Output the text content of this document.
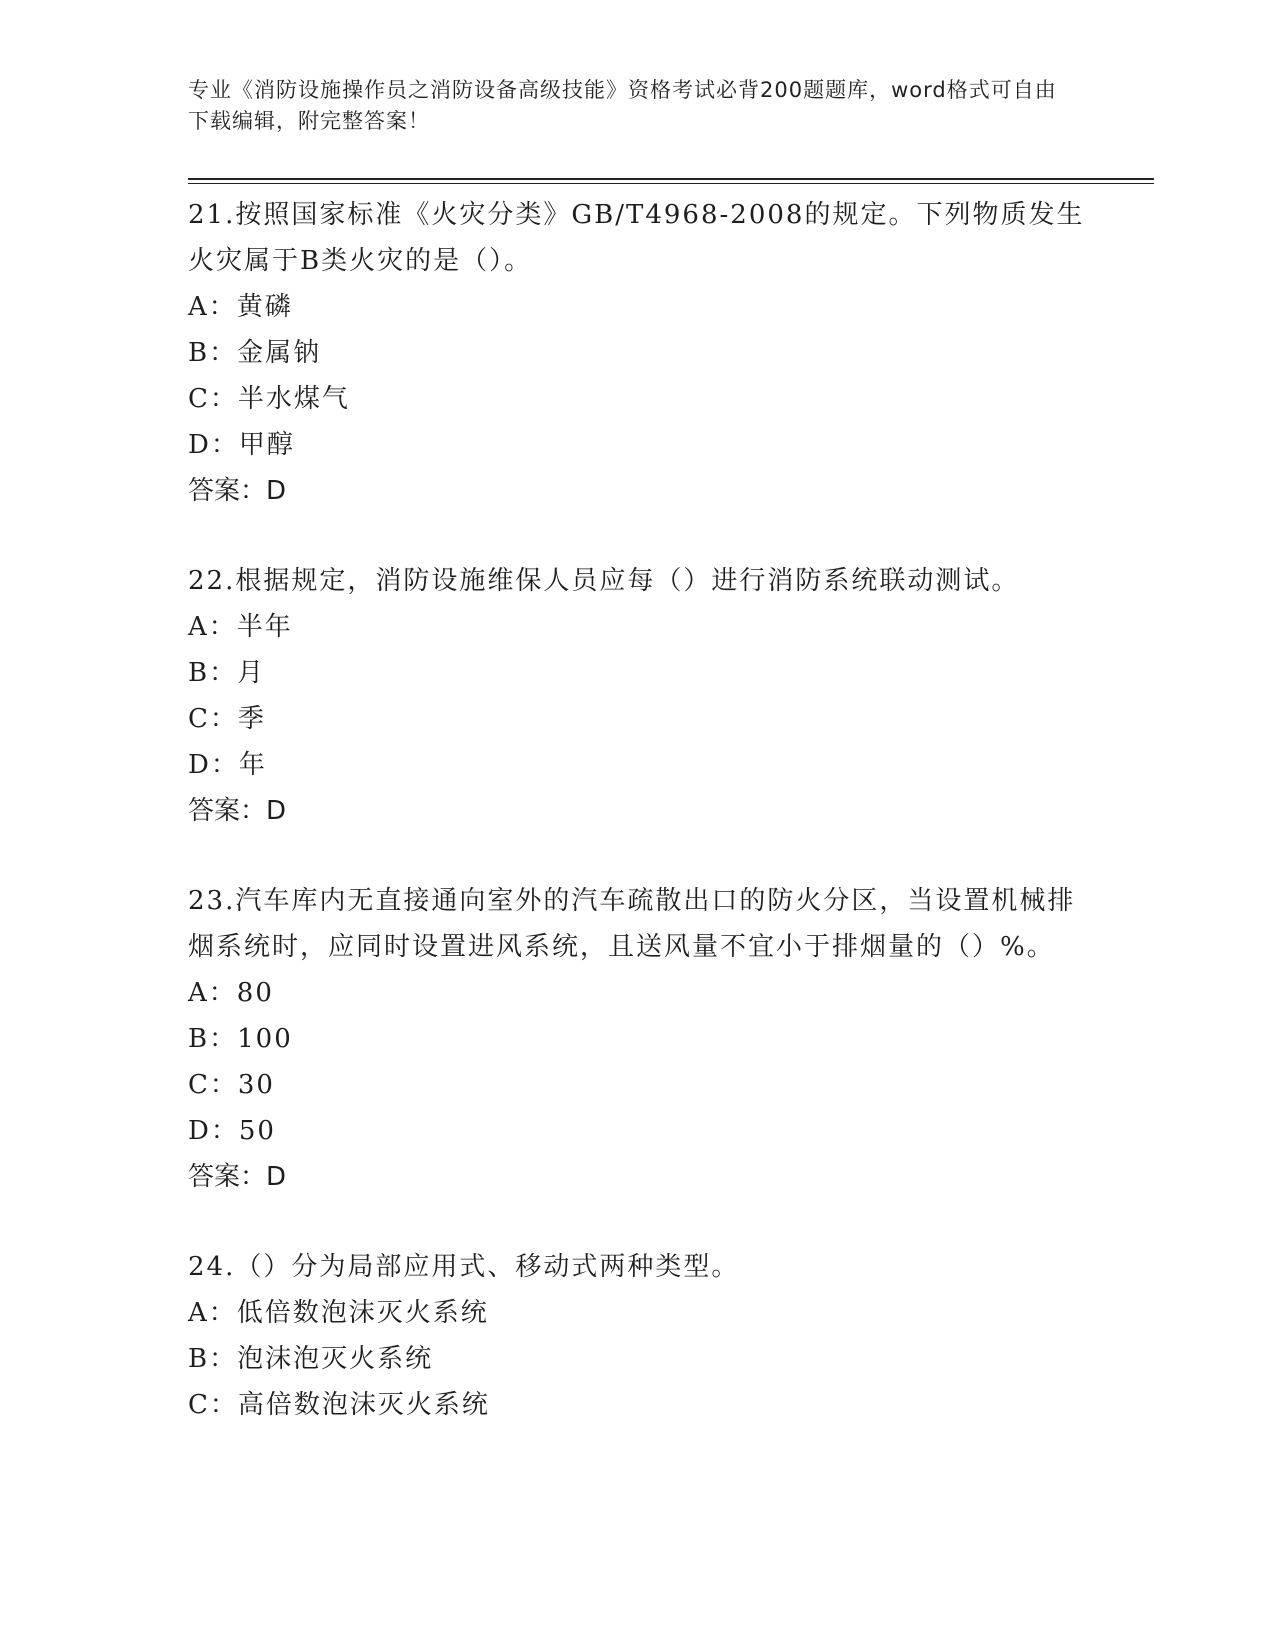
专业《消防设施操作员之消防设备高级技能》资格考试必背200题题库，word格式可自由下载编辑，附完整答案！
21.按照国家标准《火灾分类》GB/T4968-2008的规定。下列物质发生火灾属于B类火灾的是（）。
A：黄磷
B：金属钠
C：半水煤气
D：甲醇
答案：D
22.根据规定，消防设施维保人员应每（）进行消防系统联动测试。
A：半年
B：月
C：季
D：年
答案：D
23.汽车库内无直接通向室外的汽车疏散出口的防火分区，当设置机械排烟系统时，应同时设置进风系统，且送风量不宜小于排烟量的（）%。
A：80
B：100
C：30
D：50
答案：D
24.（）分为局部应用式、移动式两种类型。
A：低倍数泡沫灭火系统
B：泡沫泡灭火系统
C：高倍数泡沫灭火系统
